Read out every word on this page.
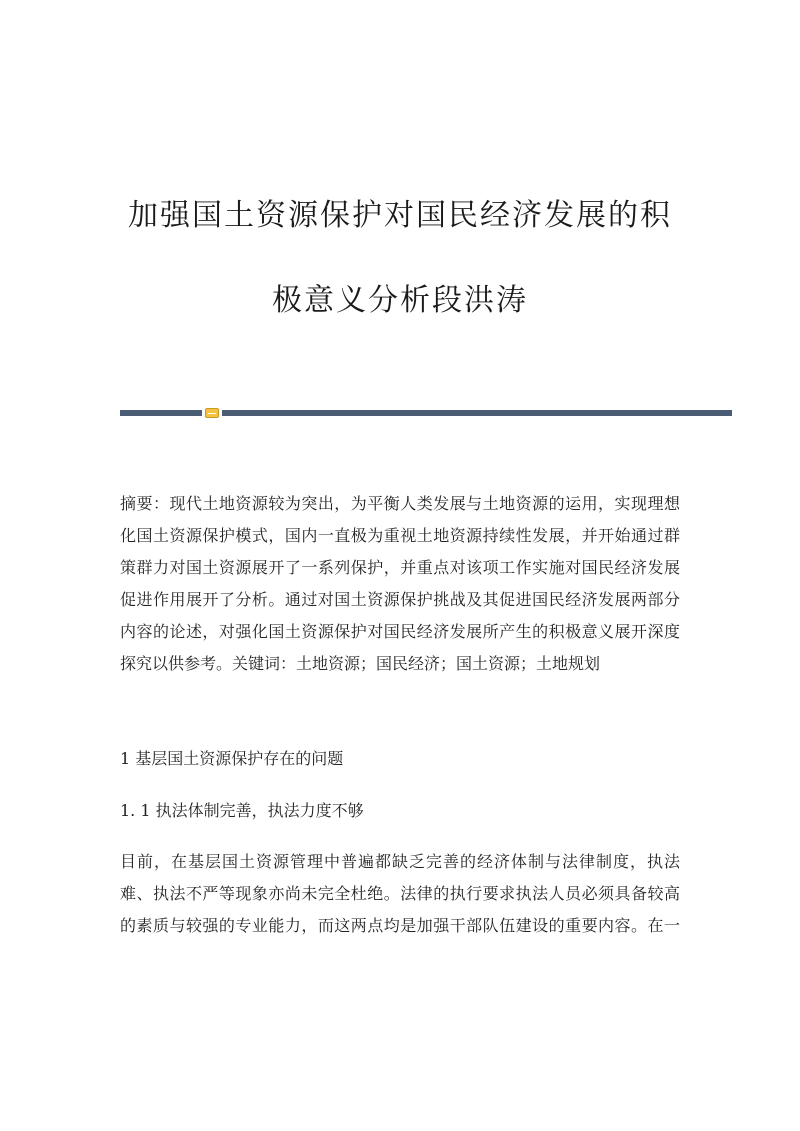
加强国土资源保护对国民经济发展的积
极意义分析段洪涛
摘要：现代土地资源较为突出，为平衡人类发展与土地资源的运用，实现理想
化国土资源保护模式，国内一直极为重视土地资源持续性发展，并开始通过群
策群力对国土资源展开了一系列保护，并重点对该项工作实施对国民经济发展
促进作用展开了分析。通过对国土资源保护挑战及其促进国民经济发展两部分
内容的论述，对强化国土资源保护对国民经济发展所产生的积极意义展开深度
探究以供参考。关键词：土地资源；国民经济；国土资源；土地规划
1 基层国土资源保护存在的问题
1. 1 执法体制完善，执法力度不够
目前，在基层国土资源管理中普遍都缺乏完善的经济体制与法律制度，执法
难、执法不严等现象亦尚未完全杜绝。法律的执行要求执法人员必须具备较高
的素质与较强的专业能力，而这两点均是加强干部队伍建设的重要内容。在一
